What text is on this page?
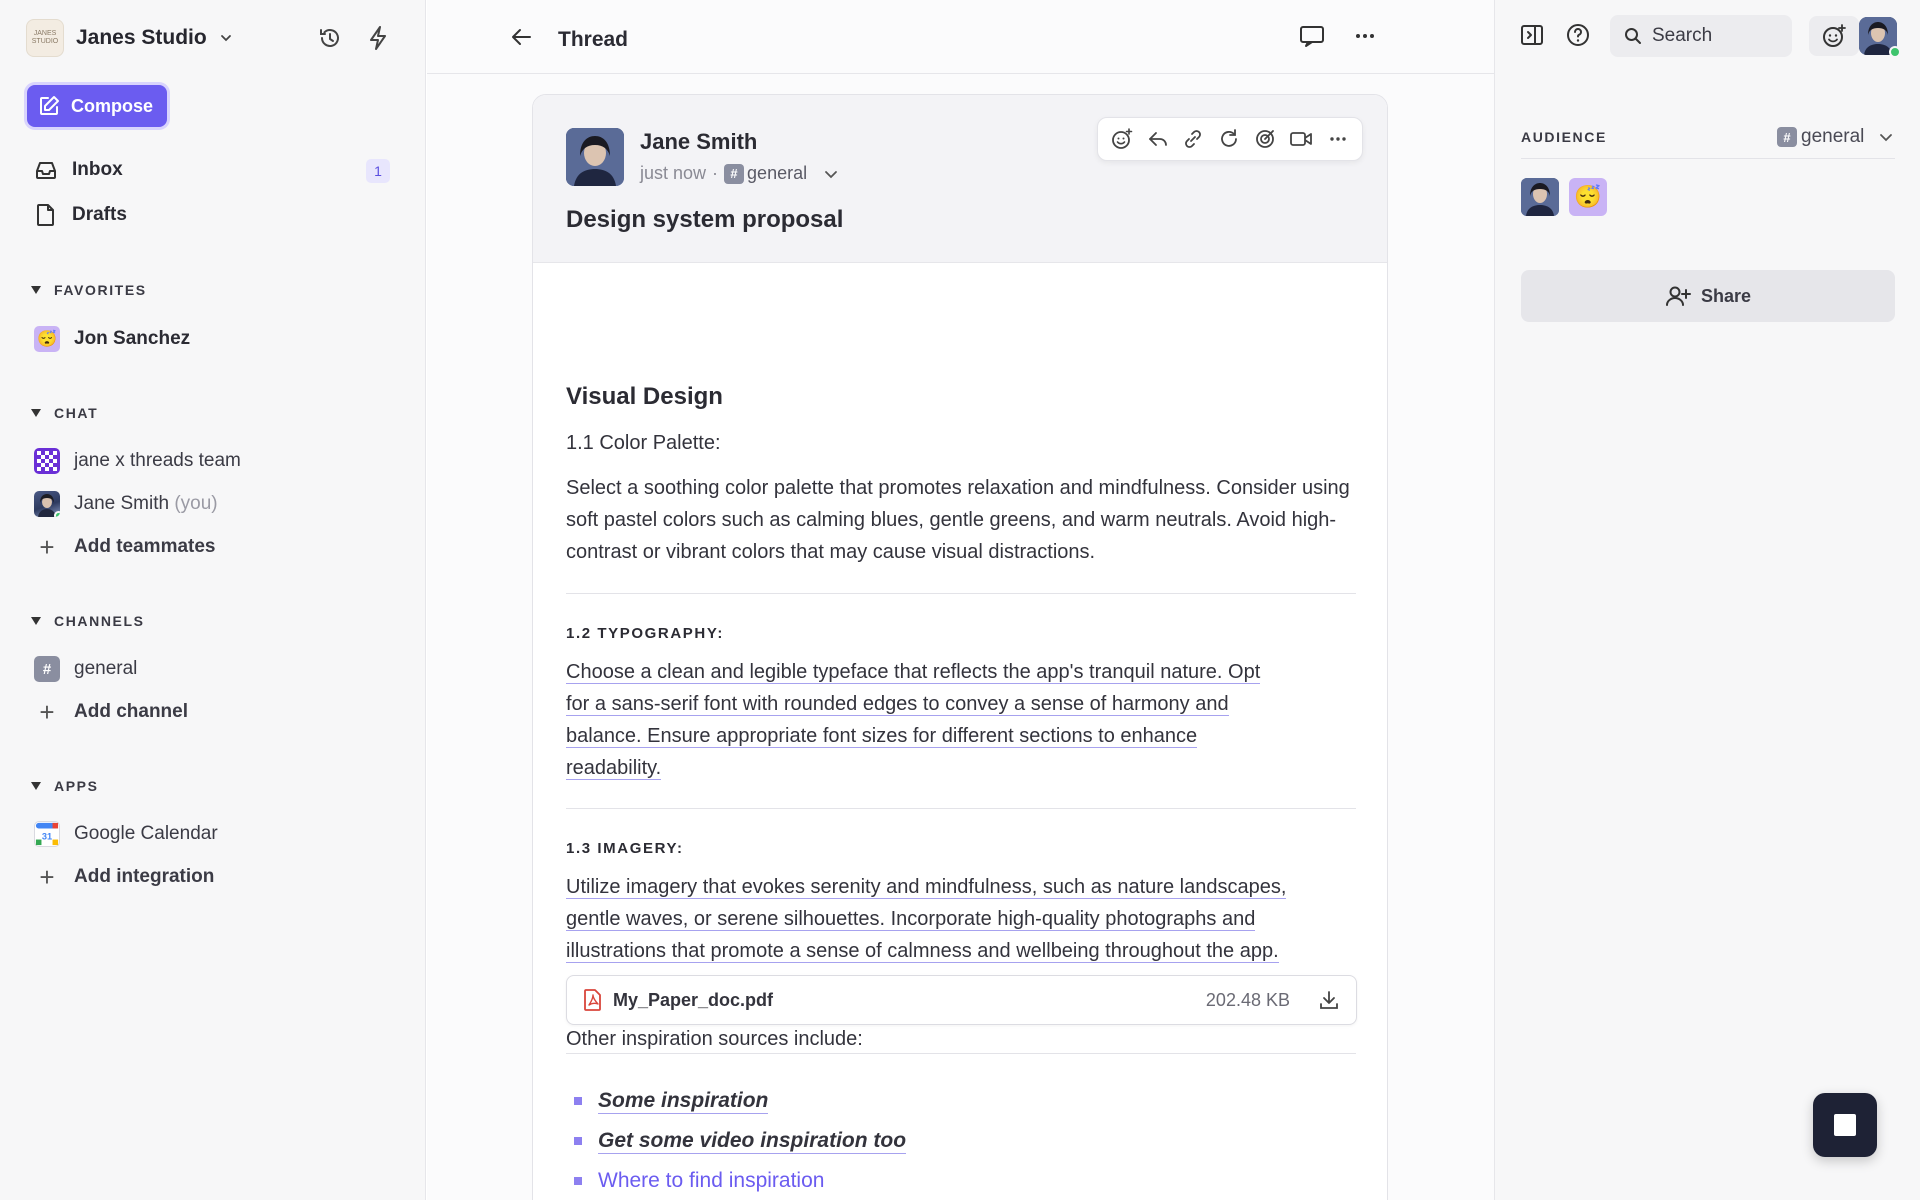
JANES STUDIO Janes Studio
Compose
Inbox	1
Drafts
FAVORITES
😴 Jon Sanchez
CHAT
jane x threads team
Jane Smith (you)
+ Add teammates
CHANNELS
#	general
+ Add channel
APPS
31 Google Calendar
+ Add integration
Thread
Jane Smith
just now · # general
Design system proposal
Visual Design
1.1 Color Palette:
Select a soothing color palette that promotes relaxation and mindfulness. Consider using soft pastel colors such as calming blues, gentle greens, and warm neutrals. Avoid high-contrast or vibrant colors that may cause visual distractions.
1.2 TYPOGRAPHY:
Choose a clean and legible typeface that reflects the app's tranquil nature. Opt
for a sans-serif font with rounded edges to convey a sense of harmony and
balance. Ensure appropriate font sizes for different sections to enhance
readability.
1.3 IMAGERY:
Utilize imagery that evokes serenity and mindfulness, such as nature landscapes,
gentle waves, or serene silhouettes. Incorporate high-quality photographs and
illustrations that promote a sense of calmness and wellbeing throughout the app.
Other inspiration sources include:
My_Paper_doc.pdf	202.48 KB
Some inspiration
Get some video inspiration too
Where to find inspiration
Search
AUDIENCE	# general
😴
Share
